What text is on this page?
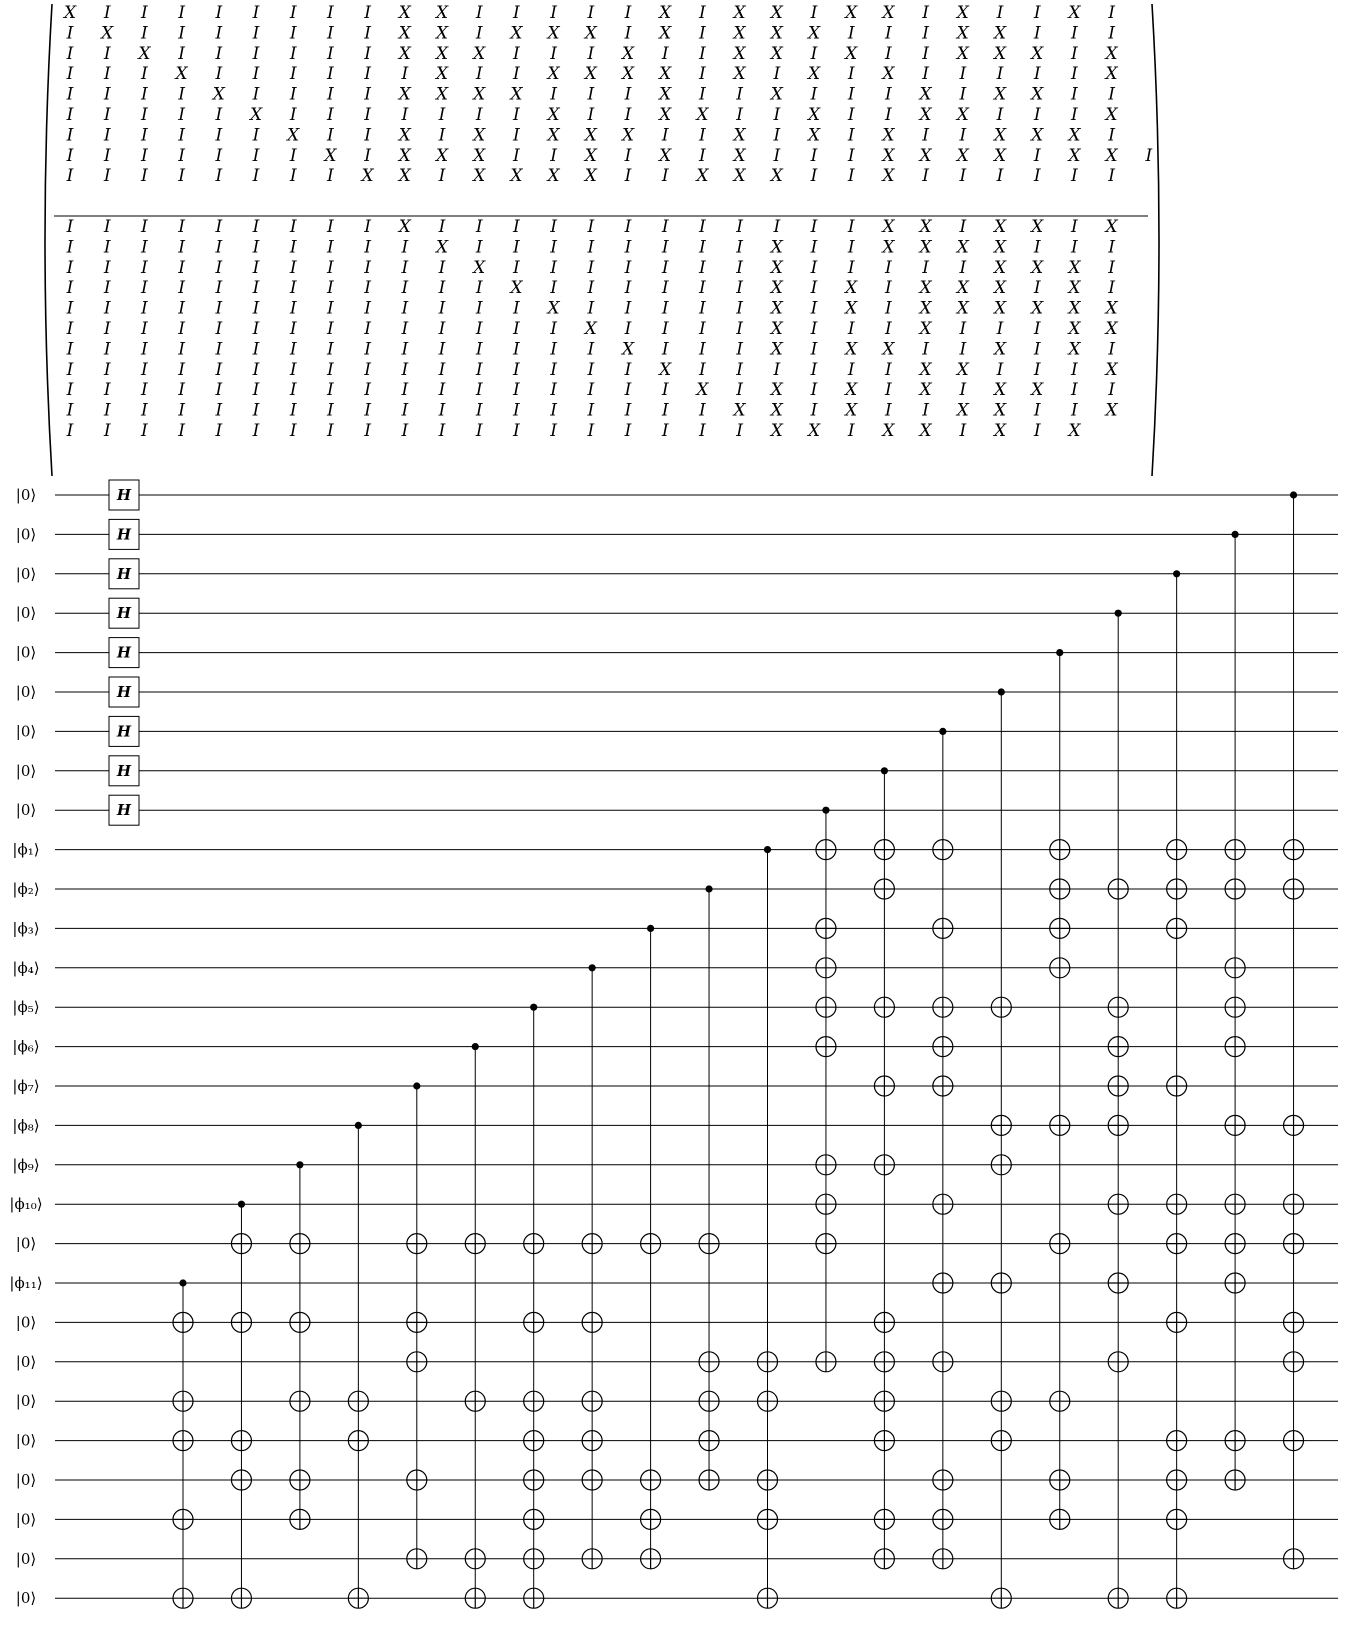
X I I I I I I I I X X I I I I I X I X X I X X I X I I X I
I X I I I I I I I X X I X X X I X I X X X I I I X X I I I
I I X I I I I I I X X X I I I X I I X X I X I I X X X I X
I I I X I I I I I I X I I X X X X I X I X I X I I I I I X
I I I I X I I I I X X X X I I I X I I X I I I X I X X I I
I I I I I X I I I I I I I X I I X X I I X I I X X I I I X
I I I I I I X I I X I X I X X X I I X I X I X I I X X X I
I I I I I I I X I X X X I I X I X I X I I I X X X X I X X I
I I I I I I I I X X I X X X X I I X X X I I X I I I I I I
I I I I I I I I I X I I I I I I I I I I I I X X I X X I X
I I I I I I I I I I X I I I I I I I I X I I X X X X I I I
I I I I I I I I I I I X I I I I I I I X I I I I I X X X I
I I I I I I I I I I I I X I I I I I I X I X I X X X I X I
I I I I I I I I I I I I I X I I I I I X I X I X X X X X X
I I I I I I I I I I I I I I X I I I I X I I I X I I I X X
I I I I I I I I I I I I I I I X I I I X I X X I I X I X I
I I I I I I I I I I I I I I I I X I I I I I I X X I I I X
I I I I I I I I I I I I I I I I I X I X I X I X I X X I I
I I I I I I I I I I I I I I I I I I X X I X I I X X I I X
I I I I I I I I I I I I I I I I I I I X X I X X I X I X
|0⟩
|0⟩
|0⟩
|0⟩
|0⟩
|0⟩
|0⟩
|0⟩
|0⟩
|ϕ₁⟩
|ϕ₂⟩
|ϕ₃⟩
|ϕ₄⟩
|ϕ₅⟩
|ϕ₆⟩
|ϕ₇⟩
|ϕ₈⟩
|ϕ₉⟩
|ϕ₁₀⟩
|0⟩
|ϕ₁₁⟩
|0⟩
|0⟩
|0⟩
|0⟩
|0⟩
|0⟩
|0⟩
|0⟩
H
H
H
H
H
H
H
H
H
